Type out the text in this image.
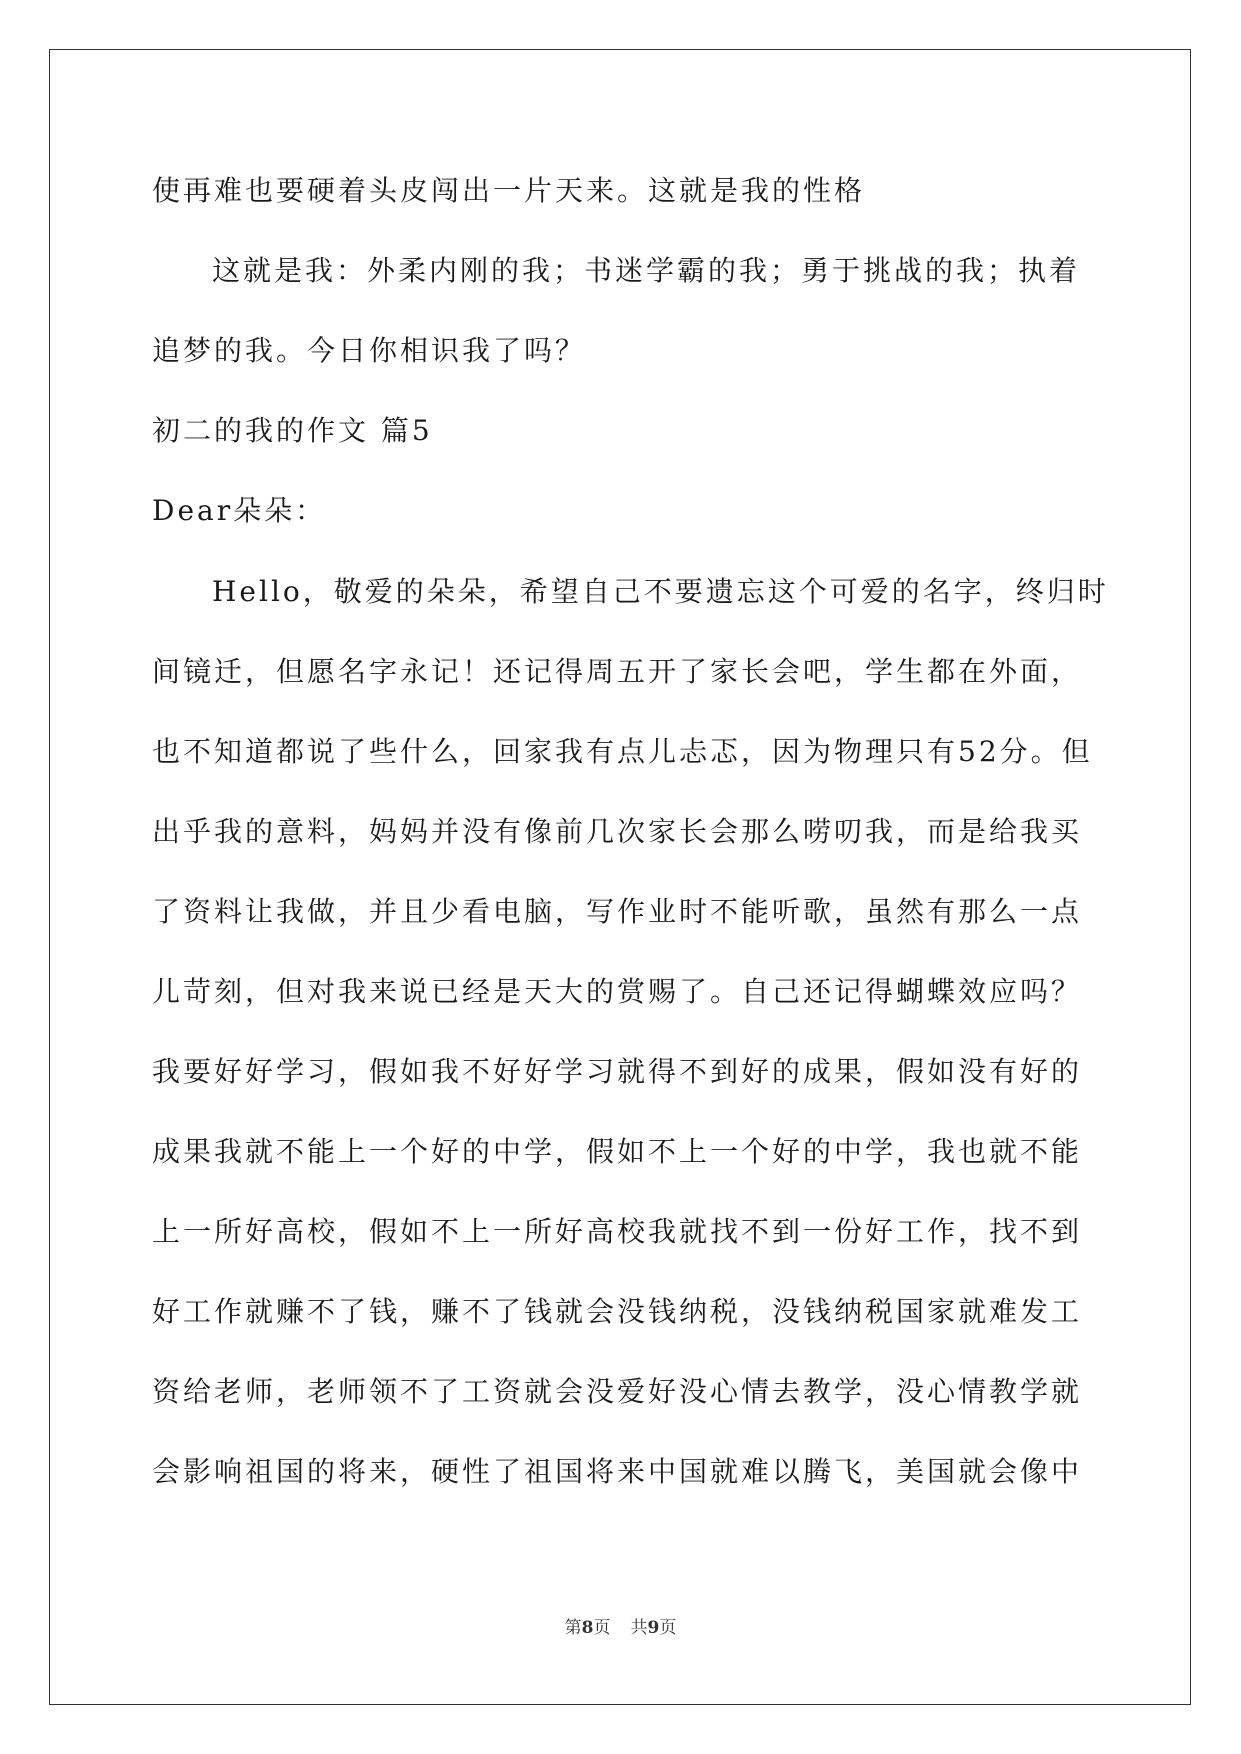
使再难也要硬着头皮闯出一片天来。这就是我的性格
这就是我：外柔内刚的我；书迷学霸的我；勇于挑战的我；执着
追梦的我。今日你相识我了吗？
初二的我的作文 篇5
Dear朵朵：
Hello，敬爱的朵朵，希望自己不要遗忘这个可爱的名字，终归时
间镜迁，但愿名字永记！还记得周五开了家长会吧，学生都在外面，
也不知道都说了些什么，回家我有点儿忐忑，因为物理只有52分。但
出乎我的意料，妈妈并没有像前几次家长会那么唠叨我，而是给我买
了资料让我做，并且少看电脑，写作业时不能听歌，虽然有那么一点
儿苛刻，但对我来说已经是天大的赏赐了。自己还记得蝴蝶效应吗？
我要好好学习，假如我不好好学习就得不到好的成果，假如没有好的
成果我就不能上一个好的中学，假如不上一个好的中学，我也就不能
上一所好高校，假如不上一所好高校我就找不到一份好工作，找不到
好工作就赚不了钱，赚不了钱就会没钱纳税，没钱纳税国家就难发工
资给老师，老师领不了工资就会没爱好没心情去教学，没心情教学就
会影响祖国的将来，硬性了祖国将来中国就难以腾飞，美国就会像中
第8页 共9页
